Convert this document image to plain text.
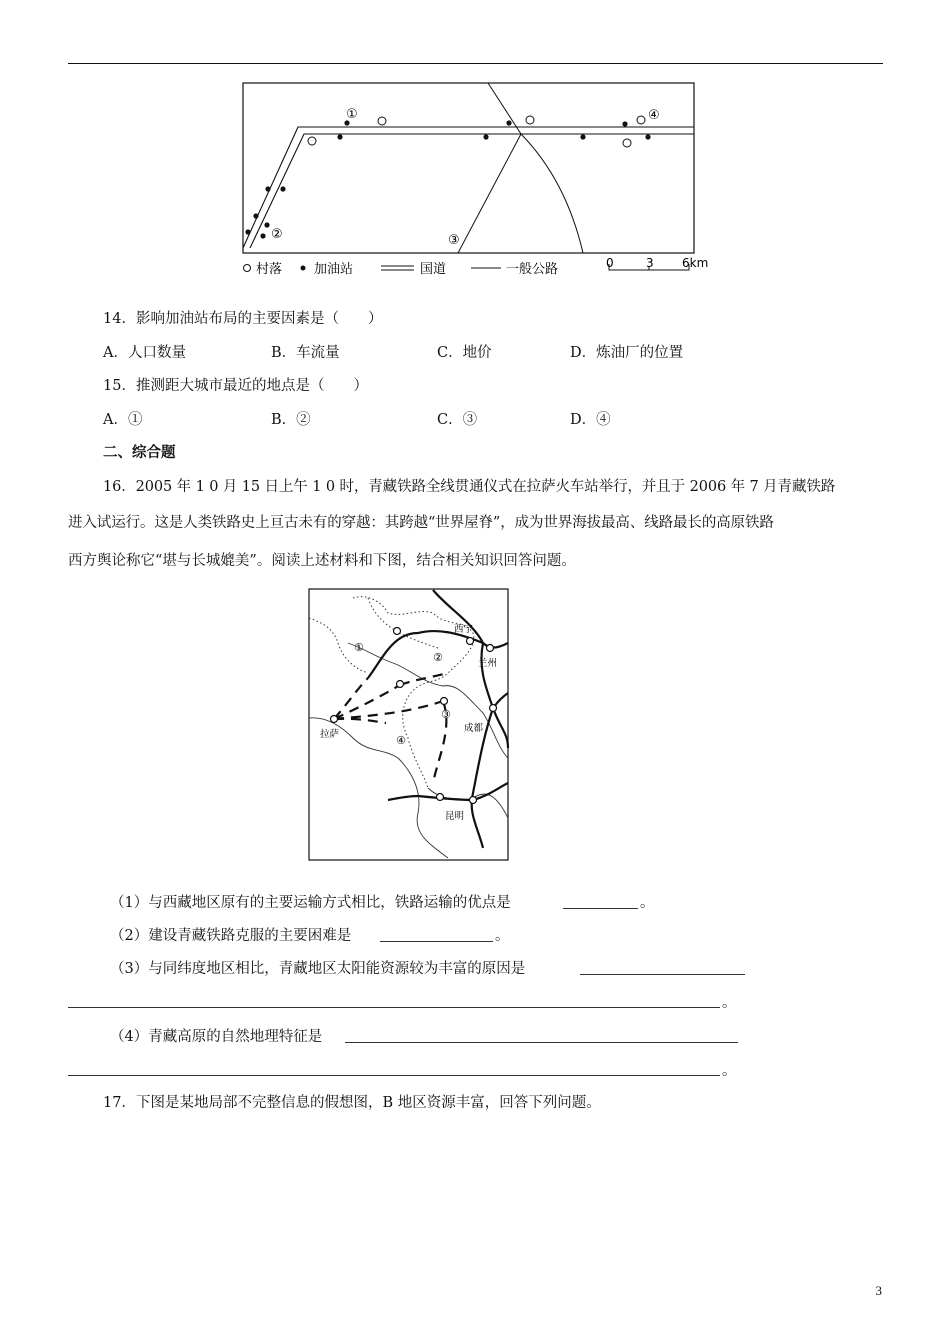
①	④
②	③
村落 加油站	国道	一般公路	0	3 6km
14．影响加油站布局的主要因素是（　　）
A．人口数量	B．车流量	C．地价	D．炼油厂的位置
15．推测距大城市最近的地点是（　　）
A．①	B．②	C．③	D．④
二、综合题
16．2005 年 1 0 月 15 日上午 1 0 时，青藏铁路全线贯通仪式在拉萨火车站举行，并且于 2006 年 7 月青藏铁路
进入试运行。这是人类铁路史上亘古未有的穿越：其跨越“世界屋脊”，成为世界海拔最高、线路最长的高原铁路
西方舆论称它“堪与长城媲美”。阅读上述材料和下图，结合相关知识回答问题。
西宁
兰州
成都
拉萨
昆明
①
②
③
④
（1）与西藏地区原有的主要运输方式相比，铁路运输的优点是	。
（2）建设青藏铁路克服的主要困难是	。
（3）与同纬度地区相比，青藏地区太阳能资源较为丰富的原因是
。
（4）青藏高原的自然地理特征是
。
17．下图是某地局部不完整信息的假想图，B 地区资源丰富，回答下列问题。
3
